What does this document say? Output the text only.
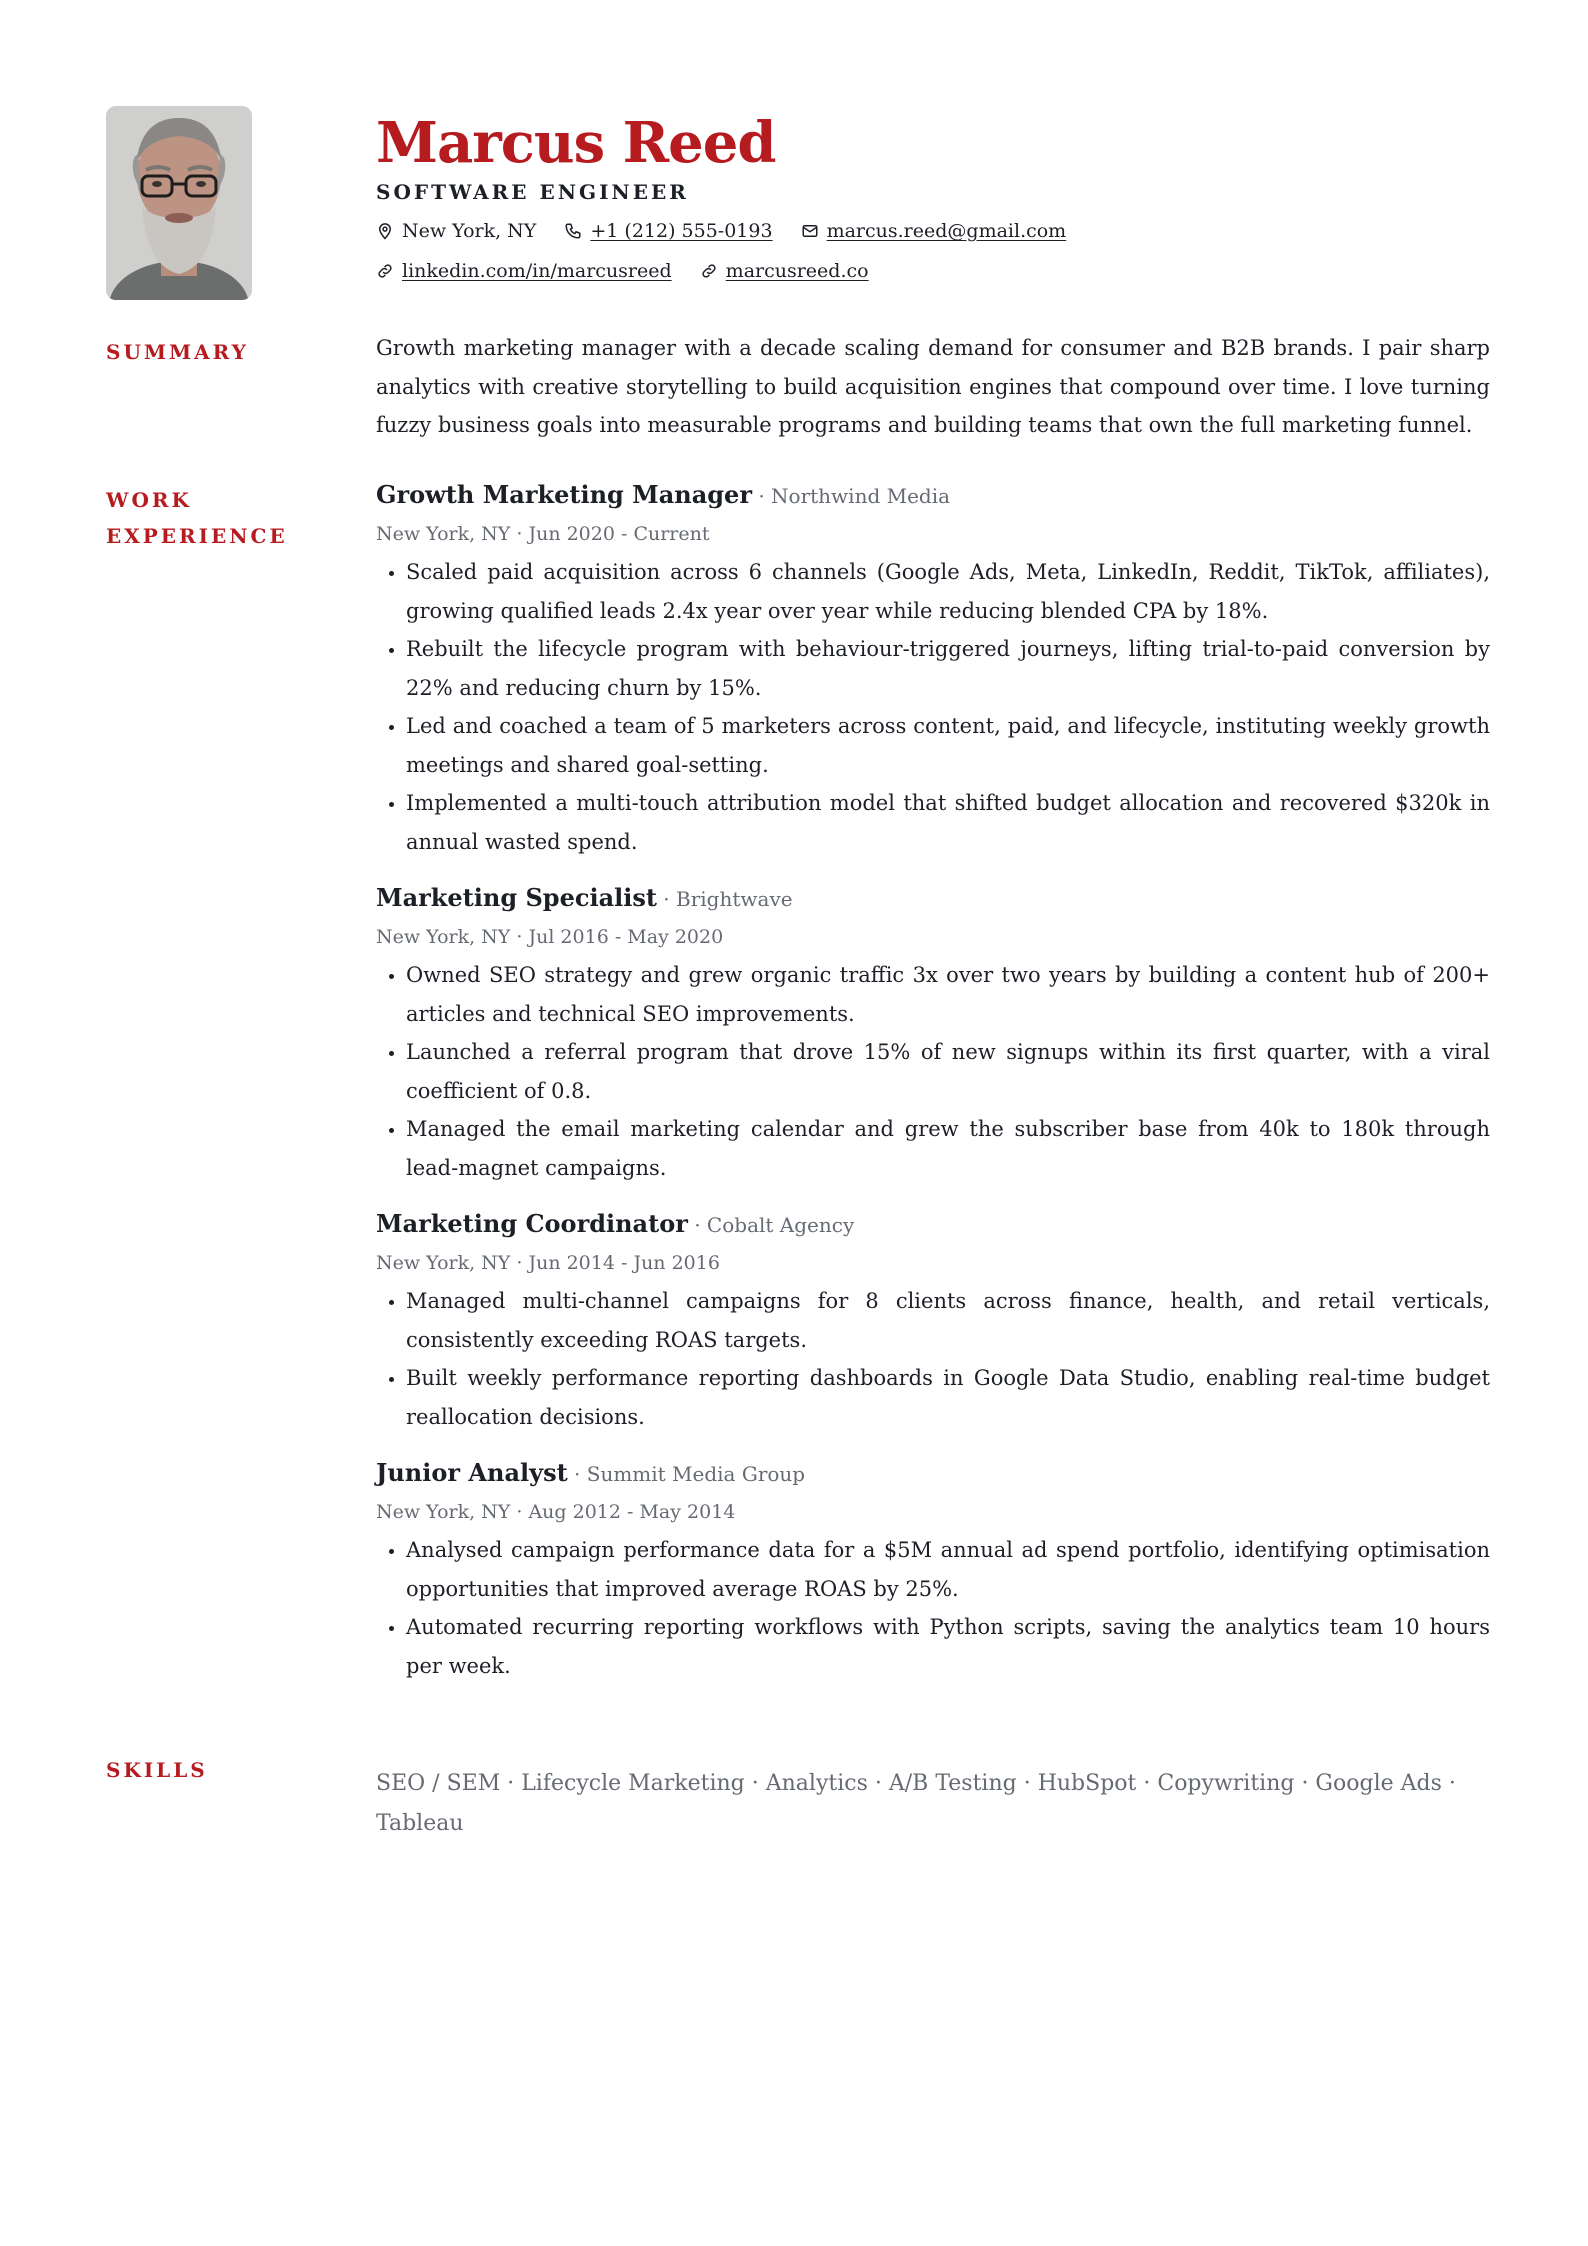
Marcus Reed
SOFTWARE ENGINEER
New York, NY	+1 (212) 555-0193	marcus.reed@gmail.com
linkedin.com/in/marcusreed	marcusreed.co
SUMMARY	Growth marketing manager with a decade scaling demand for consumer and B2B brands. I pair sharp analytics with creative storytelling to build acquisition engines that compound over time. I love turning fuzzy business goals into measurable programs and building teams that own the full marketing funnel.
WORK
EXPERIENCE
Growth Marketing Manager · Northwind Media
New York, NY · Jun 2020 - Current
• Scaled paid acquisition across 6 channels (Google Ads, Meta, LinkedIn, Reddit, TikTok, affiliates), growing qualified leads 2.4x year over year while reducing blended CPA by 18%.
• Rebuilt the lifecycle program with behaviour-triggered journeys, lifting trial-to-paid conversion by 22% and reducing churn by 15%.
• Led and coached a team of 5 marketers across content, paid, and lifecycle, instituting weekly growth meetings and shared goal-setting.
• Implemented a multi-touch attribution model that shifted budget allocation and recovered $320k in annual wasted spend.
Marketing Specialist · Brightwave
New York, NY · Jul 2016 - May 2020
• Owned SEO strategy and grew organic traffic 3x over two years by building a content hub of 200+ articles and technical SEO improvements.
• Launched a referral program that drove 15% of new signups within its first quarter, with a viral coefficient of 0.8.
• Managed the email marketing calendar and grew the subscriber base from 40k to 180k through lead-magnet campaigns.
Marketing Coordinator · Cobalt Agency
New York, NY · Jun 2014 - Jun 2016
• Managed multi-channel campaigns for 8 clients across finance, health, and retail verticals, consistently exceeding ROAS targets.
• Built weekly performance reporting dashboards in Google Data Studio, enabling real-time budget reallocation decisions.
Junior Analyst · Summit Media Group
New York, NY · Aug 2012 - May 2014
• Analysed campaign performance data for a $5M annual ad spend portfolio, identifying optimisation opportunities that improved average ROAS by 25%.
• Automated recurring reporting workflows with Python scripts, saving the analytics team 10 hours per week.
SKILLS
SEO / SEM · Lifecycle Marketing · Analytics · A/B Testing · HubSpot · Copywriting · Google Ads · Tableau
